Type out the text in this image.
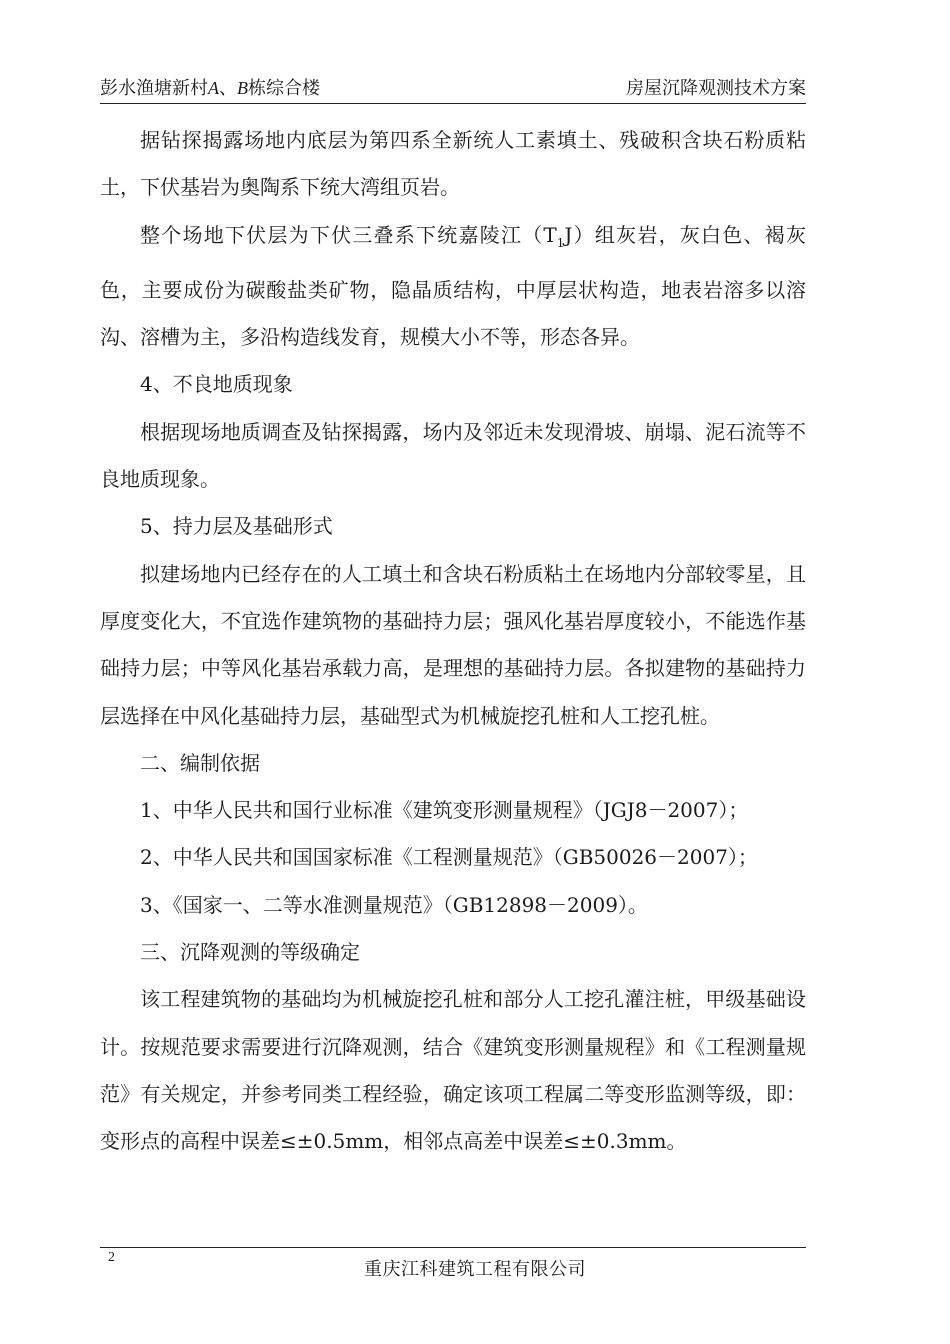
彭水渔塘新村A、B栋综合楼	房屋沉降观测技术方案

据钻探揭露场地内底层为第四系全新统人工素填土、残破积含块石粉质粘土，下伏基岩为奥陶系下统大湾组页岩。

整个场地下伏层为下伏三叠系下统嘉陵江$(T_1J)$组灰岩，灰白色、褐灰色，主要成份为碳酸盐类矿物，隐晶质结构，中厚层状构造，地表岩溶多以溶沟、溶槽为主，多沿构造线发育，规模大小不等，形态各异。

4、不良地质现象

根据现场地质调查及钻探揭露，场内及邻近未发现滑坡、崩塌、泥石流等不良地质现象。

5、持力层及基础形式

拟建场地内已经存在的人工填土和含块石粉质粘土在场地内分部较零星，且厚度变化大，不宜选作建筑物的基础持力层；强风化基岩厚度较小，不能选作基础持力层；中等风化基岩承载力高，是理想的基础持力层。各拟建物的基础持力层选择在中风化基础持力层，基础型式为机械旋挖孔桩和人工挖孔桩。

二、编制依据

1、中华人民共和国行业标准《建筑变形测量规程》（JGJ8－2007）；

2、中华人民共和国国家标准《工程测量规范》（GB50026－2007）；

3、《国家一、二等水准测量规范》（GB12898－2009）。

三、沉降观测的等级确定

该工程建筑物的基础均为机械旋挖孔桩和部分人工挖孔灌注桩，甲级基础设计。按规范要求需要进行沉降观测，结合《建筑变形测量规程》和《工程测量规范》有关规定，并参考同类工程经验，确定该项工程属二等变形监测等级，即：变形点的高程中误差≤±0.5mm，相邻点高差中误差≤±0.3mm。

2
重庆江科建筑工程有限公司
